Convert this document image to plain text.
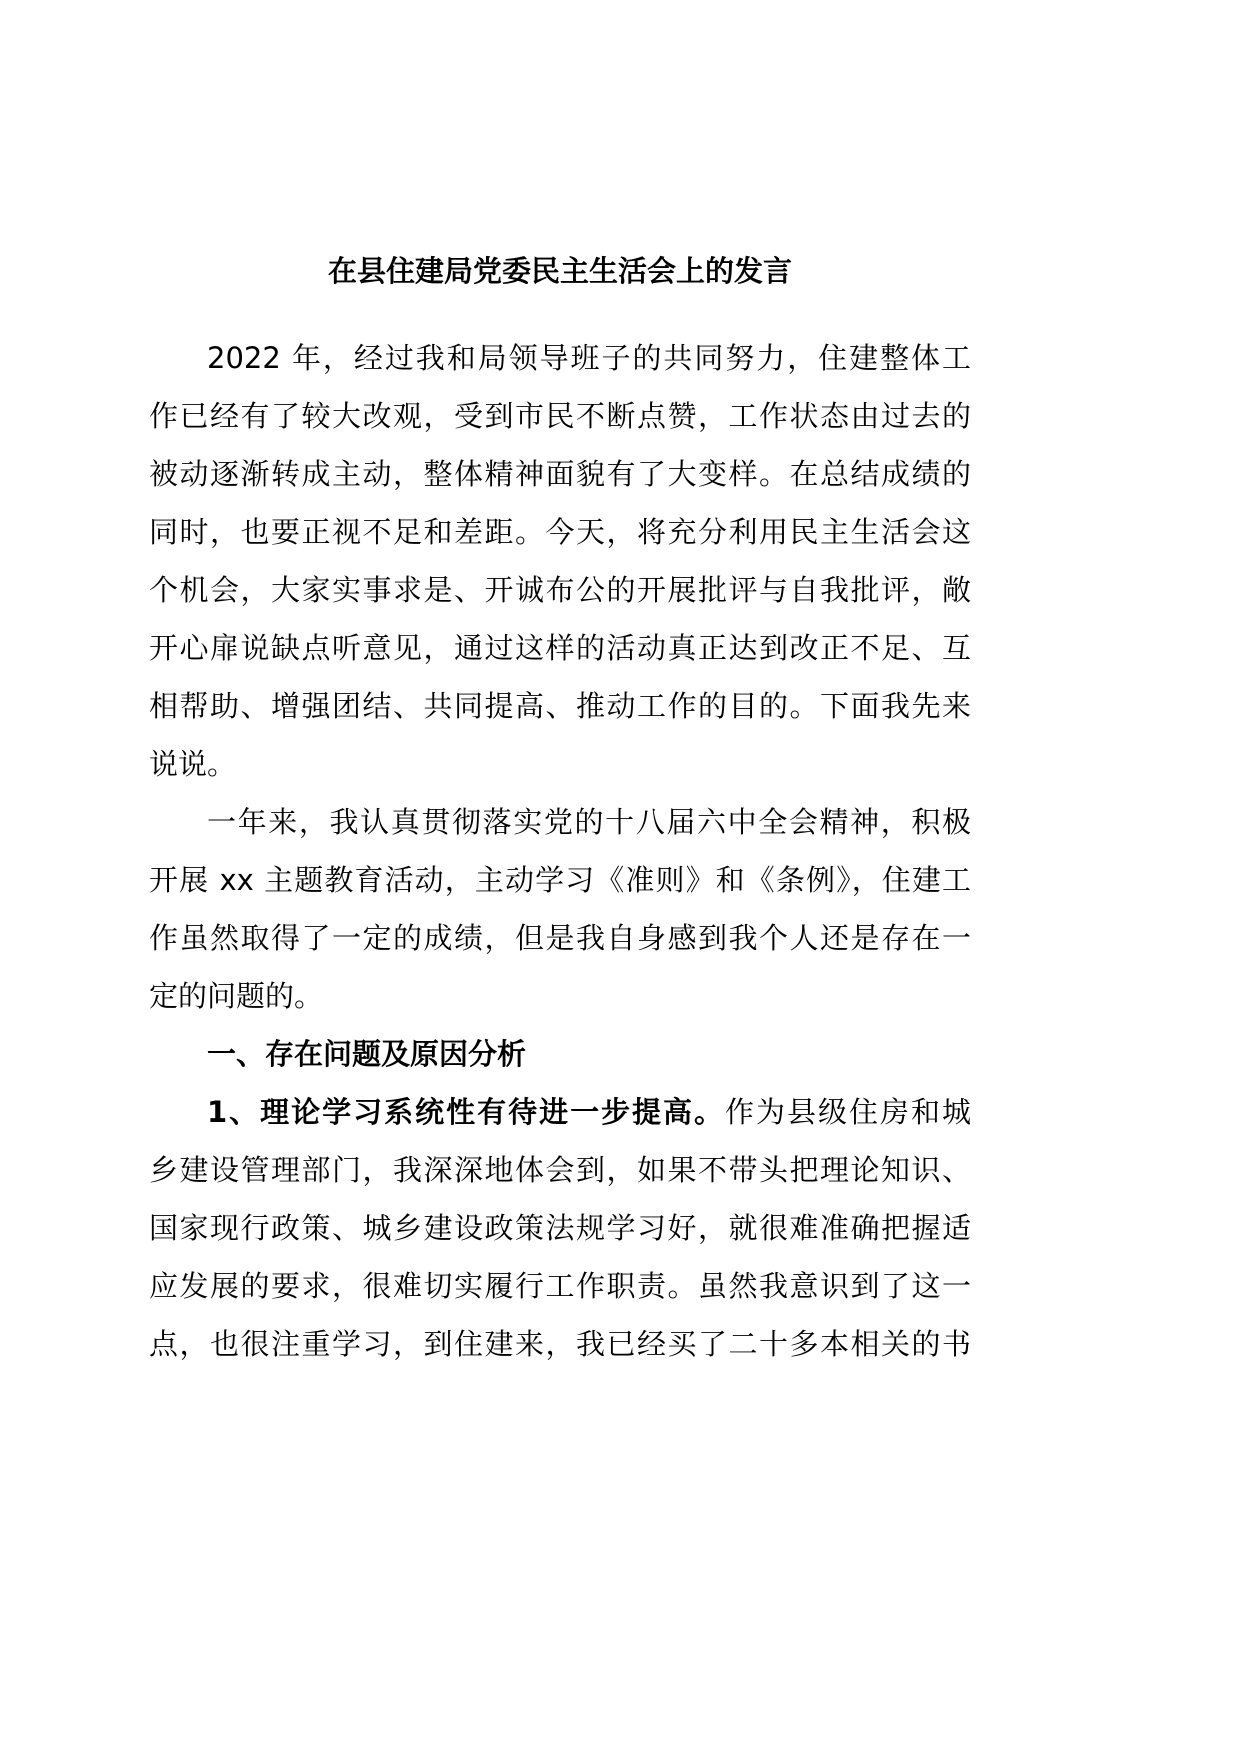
在县住建局党委民主生活会上的发言
2022 年，经过我和局领导班子的共同努力，住建整体工
作已经有了较大改观，受到市民不断点赞，工作状态由过去的
被动逐渐转成主动，整体精神面貌有了大变样。在总结成绩的
同时，也要正视不足和差距。今天，将充分利用民主生活会这
个机会，大家实事求是、开诚布公的开展批评与自我批评，敞
开心扉说缺点听意见，通过这样的活动真正达到改正不足、互
相帮助、增强团结、共同提高、推动工作的目的。下面我先来
说说。
一年来，我认真贯彻落实党的十八届六中全会精神，积极
开展 xx 主题教育活动，主动学习《准则》和《条例》，住建工
作虽然取得了一定的成绩，但是我自身感到我个人还是存在一
定的问题的。
一、存在问题及原因分析
1、理论学习系统性有待进一步提高。作为县级住房和城
乡建设管理部门，我深深地体会到，如果不带头把理论知识、
国家现行政策、城乡建设政策法规学习好，就很难准确把握适
应发展的要求，很难切实履行工作职责。虽然我意识到了这一
点，也很注重学习，到住建来，我已经买了二十多本相关的书
